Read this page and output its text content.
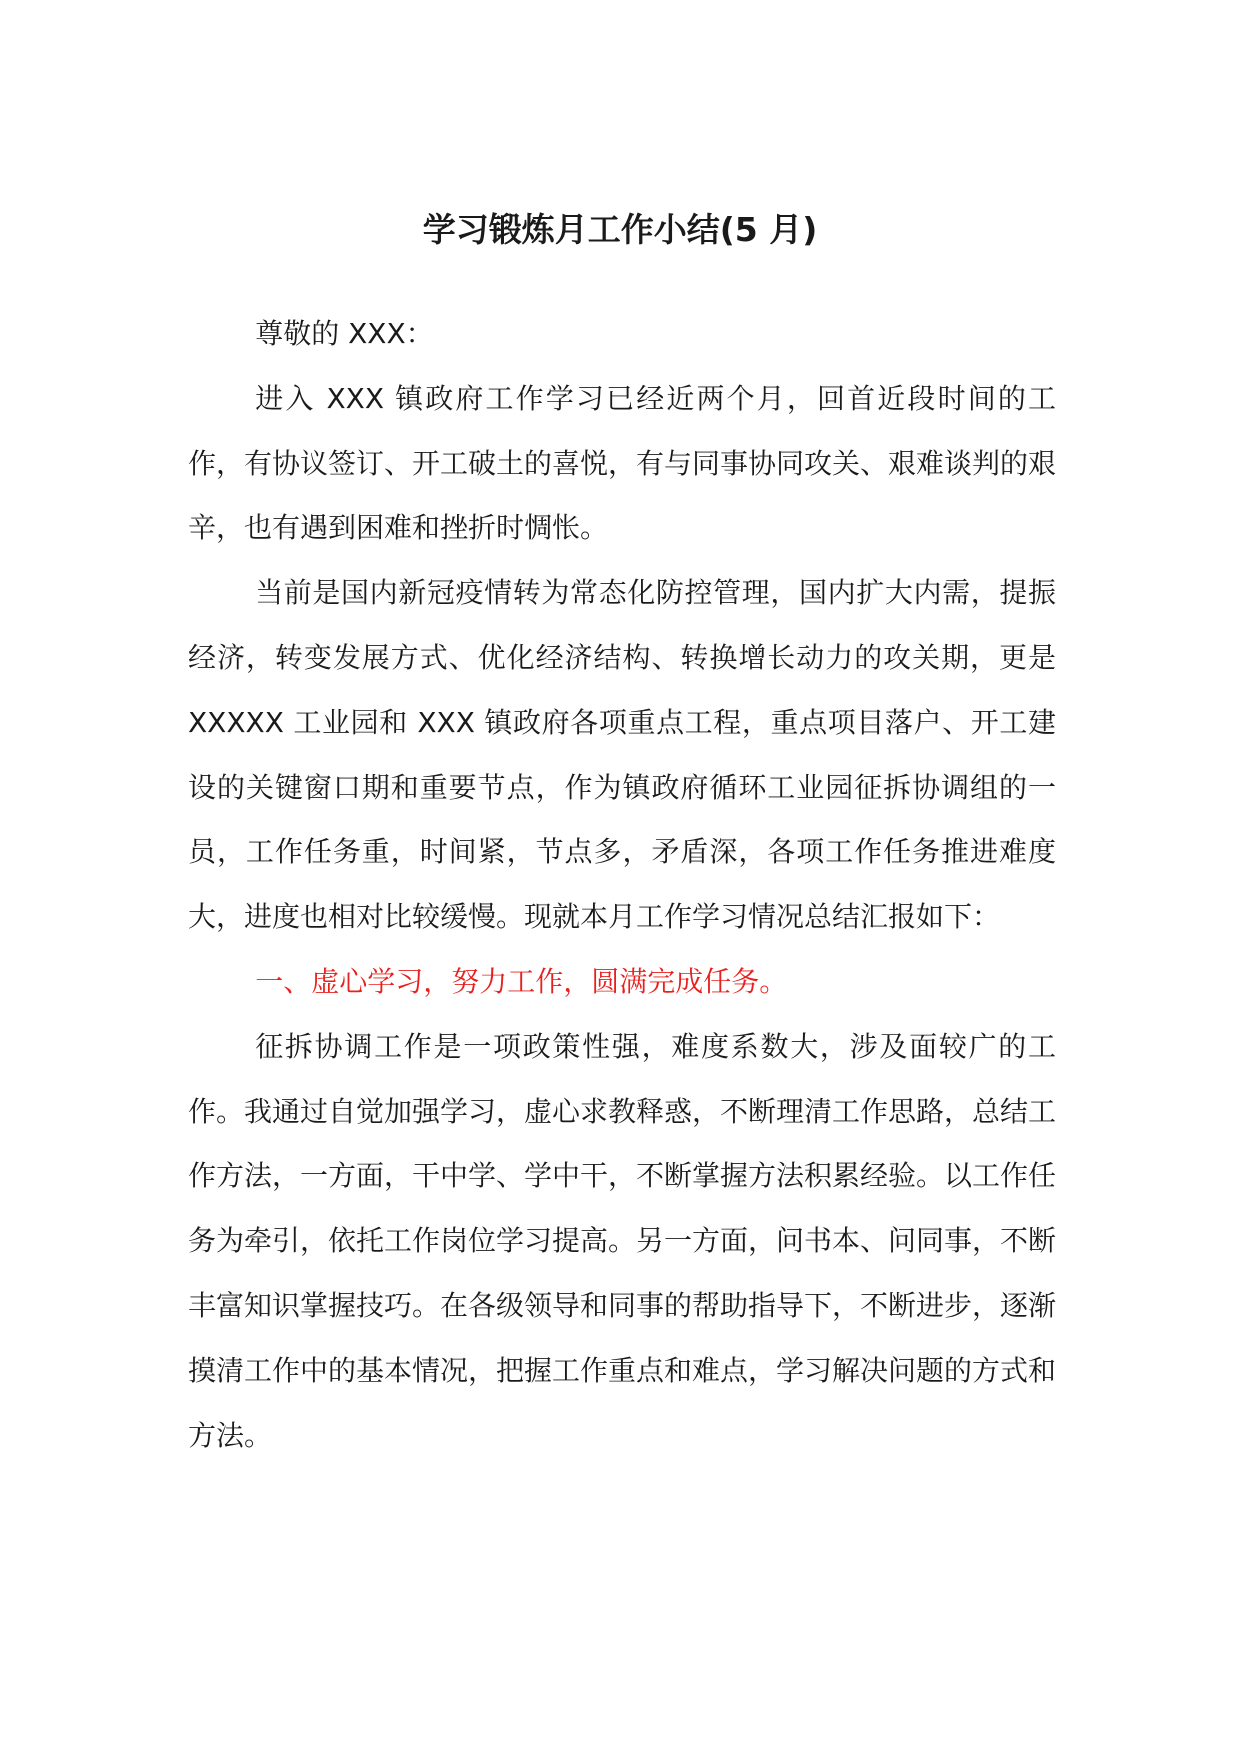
学习锻炼月工作小结(5 月)

尊敬的 XXX：

进入 XXX 镇政府工作学习已经近两个月，回首近段时间的工作，有协议签订、开工破土的喜悦，有与同事协同攻关、艰难谈判的艰辛，也有遇到困难和挫折时惆怅。

当前是国内新冠疫情转为常态化防控管理，国内扩大内需，提振经济，转变发展方式、优化经济结构、转换增长动力的攻关期，更是 XXXXX 工业园和 XXX 镇政府各项重点工程，重点项目落户、开工建设的关键窗口期和重要节点，作为镇政府循环工业园征拆协调组的一员，工作任务重，时间紧，节点多，矛盾深，各项工作任务推进难度大，进度也相对比较缓慢。现就本月工作学习情况总结汇报如下：

一、虚心学习，努力工作，圆满完成任务。

征拆协调工作是一项政策性强，难度系数大，涉及面较广的工作。我通过自觉加强学习，虚心求教释惑，不断理清工作思路，总结工作方法，一方面，干中学、学中干，不断掌握方法积累经验。以工作任务为牵引，依托工作岗位学习提高。另一方面，问书本、问同事，不断丰富知识掌握技巧。在各级领导和同事的帮助指导下，不断进步，逐渐摸清工作中的基本情况，把握工作重点和难点，学习解决问题的方式和方法。
